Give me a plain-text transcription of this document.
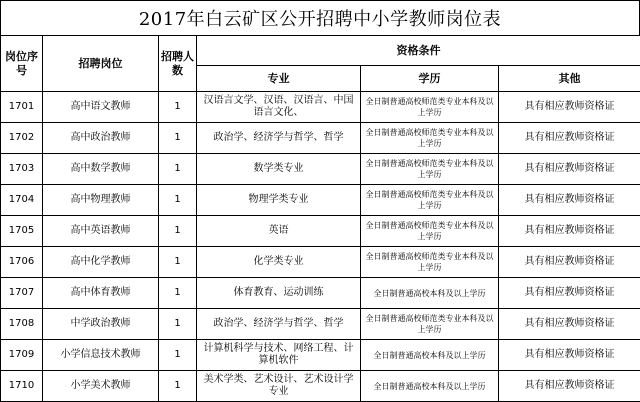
2017年白云矿区公开招聘中小学教师岗位表
岗位序号	招聘岗位	招聘人数	资格条件		
			专业	学历	其他
1701	高中语文教师	1	汉语言文学、汉语、汉语言、中国语言文化、	全日制普通高校师范类专业本科及以上学历	具有相应教师资格证
1702	高中政治教师	1	政治学、经济学与哲学、哲学	全日制普通高校师范类专业本科及以上学历	具有相应教师资格证
1703	高中数学教师	1	数学类专业	全日制普通高校师范类专业本科及以上学历	具有相应教师资格证
1704	高中物理教师	1	物理学类专业	全日制普通高校师范类专业本科及以上学历	具有相应教师资格证
1705	高中英语教师	1	英语	全日制普通高校师范类专业本科及以上学历	具有相应教师资格证
1706	高中化学教师	1	化学类专业	全日制普通高校师范类专业本科及以上学历	具有相应教师资格证
1707	高中体育教师	1	体育教育、运动训练	全日制普通高校本科及以上学历	具有相应教师资格证
1708	中学政治教师	1	政治学、经济学与哲学、哲学	全日制普通高校师范类专业本科及以上学历	具有相应教师资格证
1709	小学信息技术教师	1	计算机科学与技术、网络工程、计算机软件	全日制普通高校本科及以上学历	具有相应教师资格证
1710	小学美术教师	1	美术学类、艺术设计、艺术设计学专业	全日制普通高校本科及以上学历	具有相应教师资格证
